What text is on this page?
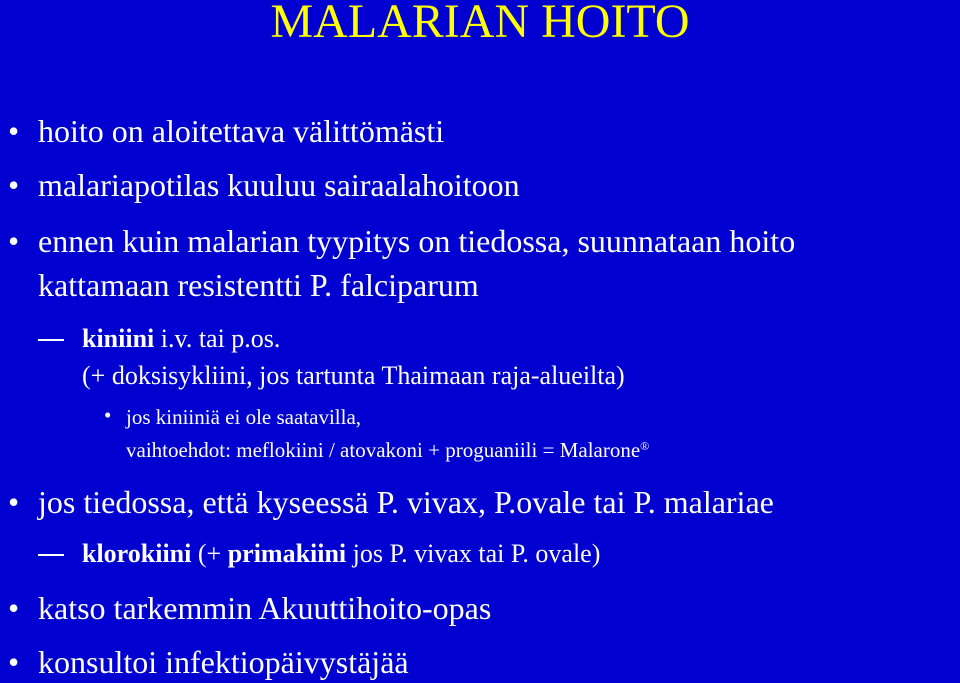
MALARIAN HOITO
• hoito on aloitettava välittömästi
• malariapotilas kuuluu sairaalahoitoon
• ennen kuin malarian tyypitys on tiedossa, suunnataan hoito
kattamaan resistentti P. falciparum
kiniini i.v. tai p.os.
(+ doksisykliini, jos tartunta Thaimaan raja-alueilta)
• jos kiniiniä ei ole saatavilla,
vaihtoehdot: meflokiini / atovakoni + proguaniili = Malarone®
• jos tiedossa, että kyseessä P. vivax, P.ovale tai P. malariae
klorokiini (+ primakiini jos P. vivax tai P. ovale)
• katso tarkemmin Akuuttihoito-opas
• konsultoi infektiopäivystäjää
